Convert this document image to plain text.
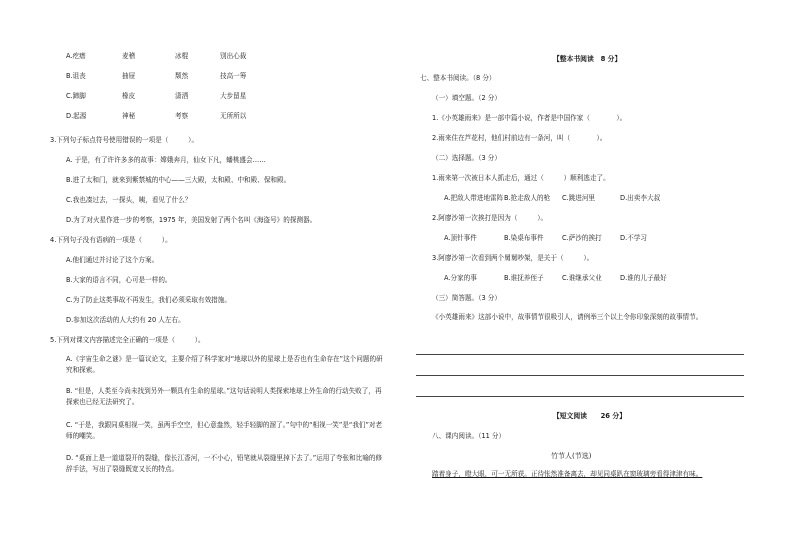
A.疙瘩	麦稽	冰棍	别出心裁
B.诅丧	抽屉	颓然	技高一筹
C.蹄脚	橡皮	潇洒	大步留星
D.起源	神秘	考察	无所所以
3.下列句子标点符号使用错误的一项是（　　　）。
A. 于是，有了许许多多的故事：嫦娥奔月，仙女下凡，蟠桃盛会……
B.进了太和门，就来到紫禁城的中心——三大殿，太和殿、中和殿、保和殿。
C.我也凑过去，一探头，咦，看见了什么？
D.为了对火星作进一步的考察，1975 年，美国发射了两个名叫《海盗号》的探测器。
4.下列句子没有语病的一项是（　　　）。
A.他们通过并讨论了这个方案。
B.大家的语言不同，心可是一样的。
C.为了防止这类事故不再发生，我们必须采取有效措施。
D.参加这次活动的人大约有 20 人左右。
5.下列对课文内容描述完全正确的一项是（　　　）。
A.《宇宙生命之谜》是一篇议论文，主要介绍了科学家对“地球以外的星球上是否也有生命存在”这个问题的研究和探索。
B. “但是，人类至今尚未找到另外一颗具有生命的星球。”这句话说明人类探索地球上外生命的行动失败了，再探索也已经无法研究了。
C. “于是，我跟同桌相视一笑，虽两手空空，但心意盎然，轻手轻脚的溜了。”句中的“相视一笑”是“我们”对老师的嘲笑。
D. “桌面上是一道道裂开的裂缝，像长江香河，一不小心，铅笔就从裂缝里掉下去了。”运用了夸张和比喻的修辞手法，写出了裂缝既宽又长的特点。
【整本书阅读　8 分】
七、整本书阅读。（8 分）
（一）填空题。（2 分）
1.《小英雄雨来》是一部中篇小说，作者是中国作家（　　　　）。
2.雨来住在芦花村，他们村前边有一条河，叫（　　　　）。
（二）选择题。（3 分）
1.雨来第一次被日本人抓走后，通过（　　　）顺利逃走了。
A.把敌人带进地雷阵 B.抢走敌人的枪	C.跳进河里	D.出卖李大叔
2.阿廖沙第一次挨打是因为（　　　）。
A.顶针事件	B.染桌布事件	C.萨沙的挨打	D.不学习
3.阿廖沙第一次看到两个舅舅吵架，是关于（　　　）。
A.分家的事	B.谁抚养侄子	C.谁继承父业	D.谁的儿子最好
（三）简答题。（3 分）
《小英雄雨来》这部小说中，故事情节很吸引人，请例举三个以上令你印象深刻的故事情节。
【短文阅读　　26 分】
八、课内阅读。（11 分）
竹节人(节选)
踏着身子，瞪大眼，可一无所获。正待怅然准备离去，却见同桌趴在窗玻璃旁看得津津有味。
